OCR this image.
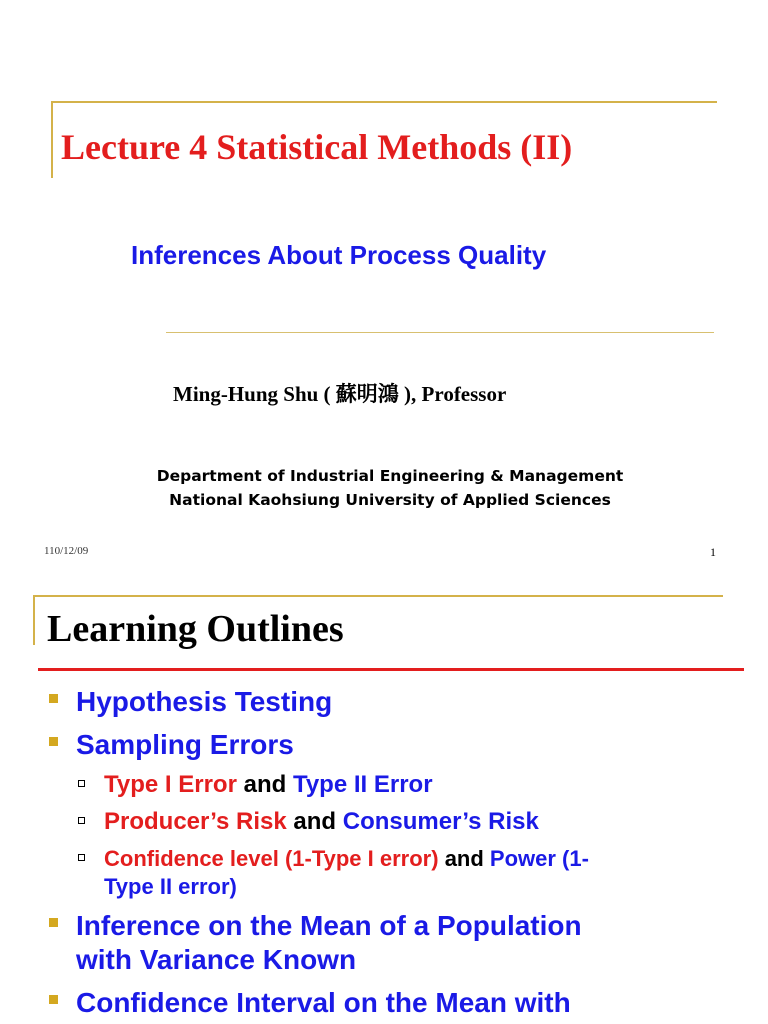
Lecture 4 Statistical Methods (II)
Inferences About Process Quality

Ming-Hung Shu ( 蘇明鴻 ), Professor

Department of Industrial Engineering & Management
National Kaohsiung University of Applied Sciences
110/12/09	1
Learning Outlines
Hypothesis Testing
Sampling Errors
Type I Error and Type II Error
Producer’s Risk and Consumer’s Risk
Confidence level (1-Type I error) and Power (1-
Type II error)
Inference on the Mean of a Population
with Variance Known
Confidence Interval on the Mean with
